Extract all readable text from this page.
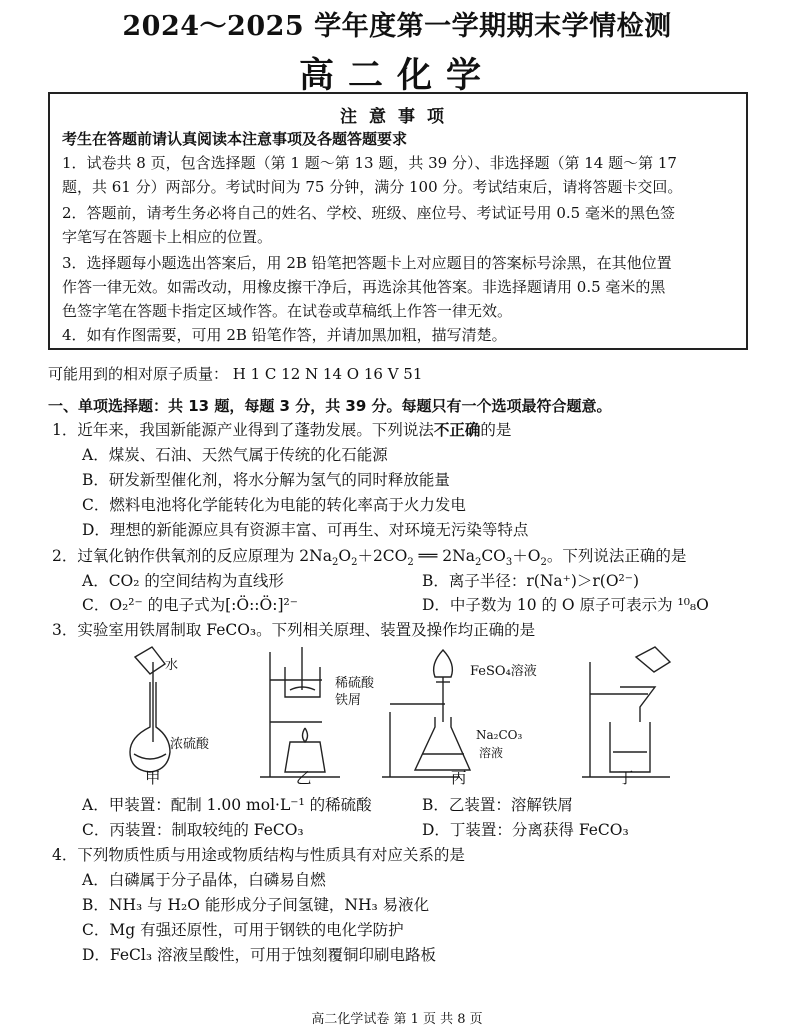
2024～2025 学年度第一学期期末学情检测
高二化学
注意事项
考生在答题前请认真阅读本注意事项及各题答题要求
1．试卷共 8 页，包含选择题（第 1 题～第 13 题，共 39 分）、非选择题（第 14 题～第 17
题，共 61 分）两部分。考试时间为 75 分钟，满分 100 分。考试结束后，请将答题卡交回。
2．答题前，请考生务必将自己的姓名、学校、班级、座位号、考试证号用 0.5 毫米的黑色签
字笔写在答题卡上相应的位置。
3．选择题每小题选出答案后，用 2B 铅笔把答题卡上对应题目的答案标号涂黑，在其他位置
作答一律无效。如需改动，用橡皮擦干净后，再选涂其他答案。非选择题请用 0.5 毫米的黑
色签字笔在答题卡指定区域作答。在试卷或草稿纸上作答一律无效。
4．如有作图需要，可用 2B 铅笔作答，并请加黑加粗，描写清楚。
可能用到的相对原子质量： H 1 C 12 N 14 O 16 V 51
一、单项选择题：共 13 题，每题 3 分，共 39 分。每题只有一个选项最符合题意。
1．近年来，我国新能源产业得到了蓬勃发展。下列说法不正确的是
A．煤炭、石油、天然气属于传统的化石能源
B．研发新型催化剂，将水分解为氢气的同时释放能量
C．燃料电池将化学能转化为电能的转化率高于火力发电
D．理想的新能源应具有资源丰富、可再生、对环境无污染等特点
2．过氧化钠作供氧剂的反应原理为 $2Na_2O_2+2CO_2$ ══ $2Na_2CO_3+O_2$。下列说法正确的是
A．CO₂ 的空间结构为直线形	B．离子半径：r(Na⁺)＞r(O²⁻)
C．O₂²⁻ 的电子式为[:Ö::Ö:]²⁻	D．中子数为 10 的 O 原子可表示为 ¹⁰₈O
3．实验室用铁屑制取 FeCO₃。下列相关原理、装置及操作均正确的是
水
浓硫酸
稀硫酸
铁屑
FeSO₄溶液
Na₂CO₃
溶液
甲	乙	丙	丁
A．甲装置：配制 1.00 mol·L⁻¹ 的稀硫酸	B．乙装置：溶解铁屑
C．丙装置：制取较纯的 FeCO₃	D．丁装置：分离获得 FeCO₃
4．下列物质性质与用途或物质结构与性质具有对应关系的是
A．白磷属于分子晶体，白磷易自燃
B．NH₃ 与 H₂O 能形成分子间氢键，NH₃ 易液化
C．Mg 有强还原性，可用于钢铁的电化学防护
D．FeCl₃ 溶液呈酸性，可用于蚀刻覆铜印刷电路板
高二化学试卷 第 1 页 共 8 页
